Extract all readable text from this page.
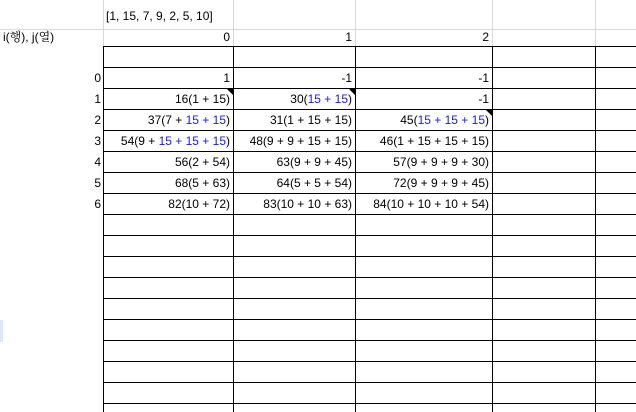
[1, 15, 7, 9, 2, 5, 10]
i(행), j(열)	0	1	2
0	1	-1	-1
1	16(1 + 15)	30(15 + 15)	-1
2	37(7 + 15 + 15)	31(1 + 15 + 15)	45(15 + 15 + 15)
3	54(9 + 15 + 15 + 15)	48(9 + 9 + 15 + 15)	46(1 + 15 + 15 + 15)
4	56(2 + 54)	63(9 + 9 + 45)	57(9 + 9 + 9 + 30)
5	68(5 + 63)	64(5 + 5 + 54)	72(9 + 9 + 9 + 45)
6	82(10 + 72)	83(10 + 10 + 63)	84(10 + 10 + 10 + 54)
